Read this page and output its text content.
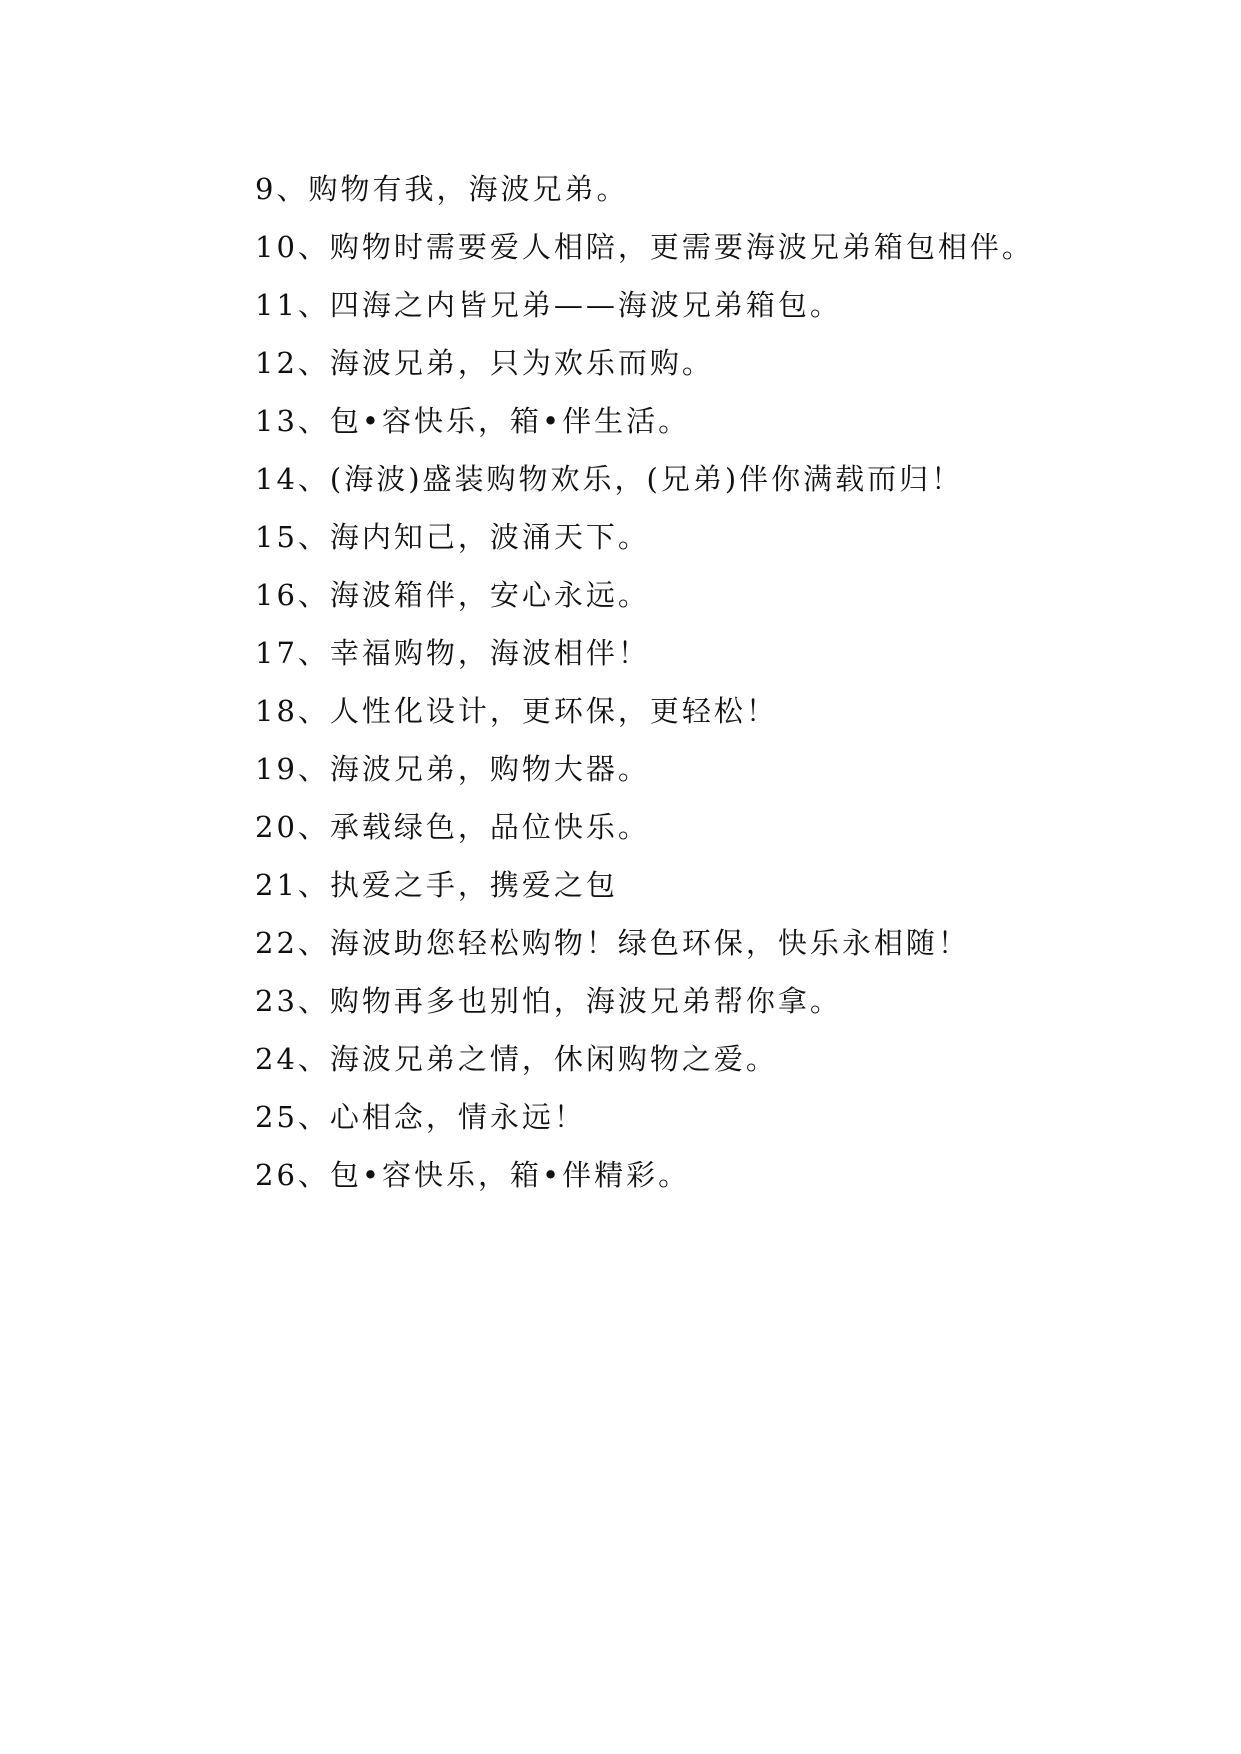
9、购物有我，海波兄弟。
10、购物时需要爱人相陪，更需要海波兄弟箱包相伴。
11、四海之内皆兄弟——海波兄弟箱包。
12、海波兄弟，只为欢乐而购。
13、包•容快乐，箱•伴生活。
14、(海波)盛装购物欢乐，(兄弟)伴你满载而归！
15、海内知己，波涌天下。
16、海波箱伴，安心永远。
17、幸福购物，海波相伴！
18、人性化设计，更环保，更轻松！
19、海波兄弟，购物大器。
20、承载绿色，品位快乐。
21、执爱之手，携爱之包
22、海波助您轻松购物！绿色环保，快乐永相随！
23、购物再多也别怕，海波兄弟帮你拿。
24、海波兄弟之情，休闲购物之爱。
25、心相念，情永远！
26、包•容快乐，箱•伴精彩。
